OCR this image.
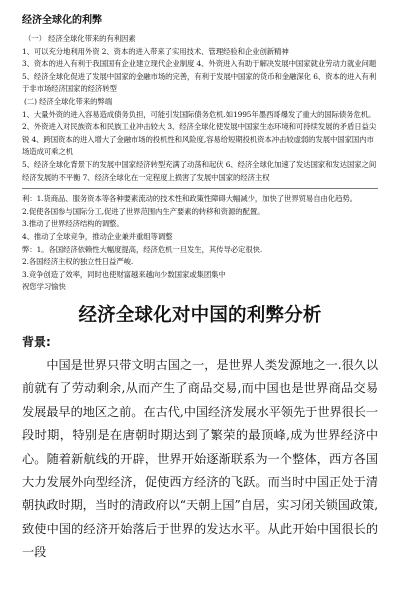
经济全球化的利弊

（一） 经济全球化带来的有利因素

1、可以充分地利用外资 2、资本的进入带来了实用技术、管理经验和企业创新精神

3、资本的进入有利于我国国有企业建立现代企业制度 4、外资进入有助于解决发展中国家就业劳动力就业问题 5、经济全球化促进了发展中国家的金融市场的完善，有利于发展中国家的货币和金融深化 6、资本的进入有利于非市场经济国家的经济转型

(二) 经济全球化带来的弊端

1、大量外资的进入容易造成债务负担，可能引发国际债务危机.如1995年墨西哥爆发了重大的国际债务危机。 2、外资进入对民族资本和民族工业冲击较大 3、经济全球化使发展中国家生态环境和可持续发展的矛盾日益尖锐 4、跨国资本的进入增大了金融市场的投机性和风险度,容易给短期投机资本冲击较虚弱的发展中国家国内市场造成可乘之机

5、经济全球化背景下的发展中国家经济转型充满了动荡和起伏 6、经济全球化加速了发达国家和发达国家之间经济发展的不平衡 7、经济全球化在一定程度上损害了发展中国家的经济主权

利：1.货商品、服务资本等各种要素流动的技术性和政策性障碍大幅减少，加快了世界贸易自由化趋势。

2.促使各国参与国际分工,促进了世界范围内生产要素的转移和资源的配置。

3.推动了世界经济结构的调整。

4、推动了全球竞争，推动企业兼并重组等调整

弊：1。各国经济依赖性大幅度提高，经济危机一旦发生，其传导必定很快.

2.各国经济主权的独立性日益严峻.

3.竞争创造了效率，同时也使财富越来越向少数国家或集团集中

祝您学习愉快

经济全球化对中国的利弊分析
背景:

中国是世界只带文明古国之一，是世界人类发源地之一.很久以前就有了劳动剩余,从而产生了商品交易,而中国也是世界商品交易发展最早的地区之前。在古代,中国经济发展水平领先于世界很长一段时期，特别是在唐朝时期达到了繁荣的最顶峰,成为世界经济中心。随着新航线的开辟，世界开始逐渐联系为一个整体，西方各国大力发展外向型经济，促使西方经济的飞跃。而当时中国正处于清朝执政时期，当时的清政府以“天朝上国”自居，实习闭关锁国政策,致使中国的经济开始落后于世界的发达水平。从此开始中国很长的一段
